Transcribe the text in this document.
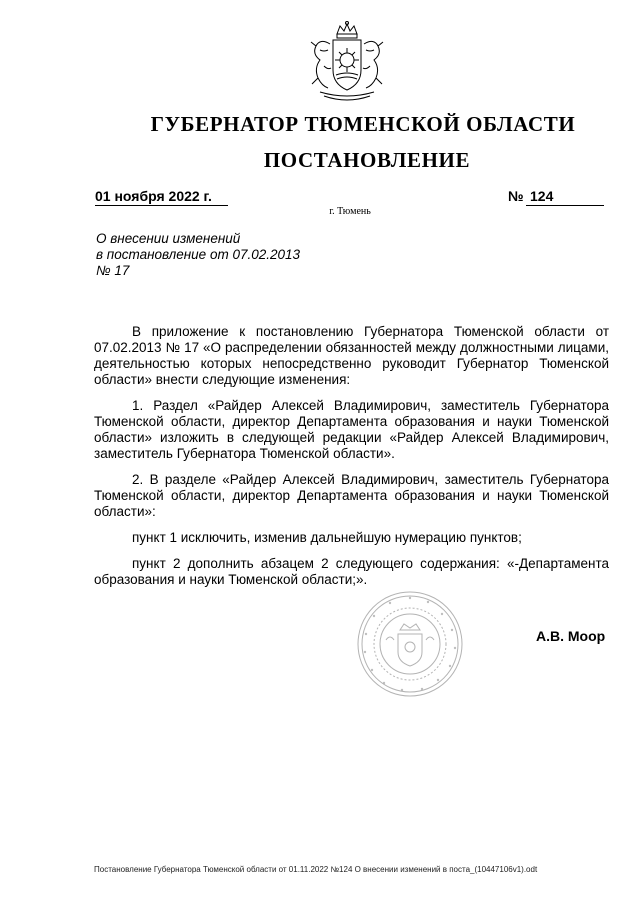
ГУБЕРНАТОР ТЮМЕНСКОЙ ОБЛАСТИ
ПОСТАНОВЛЕНИЕ
01 ноября 2022 г.	№ 124
г. Тюмень
О внесении изменений
в постановление от 07.02.2013
№ 17

В приложение к постановлению Губернатора Тюменской области от 07.02.2013 № 17 «О распределении обязанностей между должностными лицами, деятельностью которых непосредственно руководит Губернатор Тюменской области» внести следующие изменения:

1. Раздел «Райдер Алексей Владимирович, заместитель Губернатора Тюменской области, директор Департамента образования и науки Тюменской области» изложить в следующей редакции «Райдер Алексей Владимирович, заместитель Губернатора Тюменской области».

2. В разделе «Райдер Алексей Владимирович, заместитель Губернатора Тюменской области, директор Департамента образования и науки Тюменской области»:

пункт 1 исключить, изменив дальнейшую нумерацию пунктов;

пункт 2 дополнить абзацем 2 следующего содержания: «-Департамента образования и науки Тюменской области;».

А.В. Моор
Постановление Губернатора Тюменской области от 01.11.2022 №124 О внесении изменений в поста_(10447106v1).odt
